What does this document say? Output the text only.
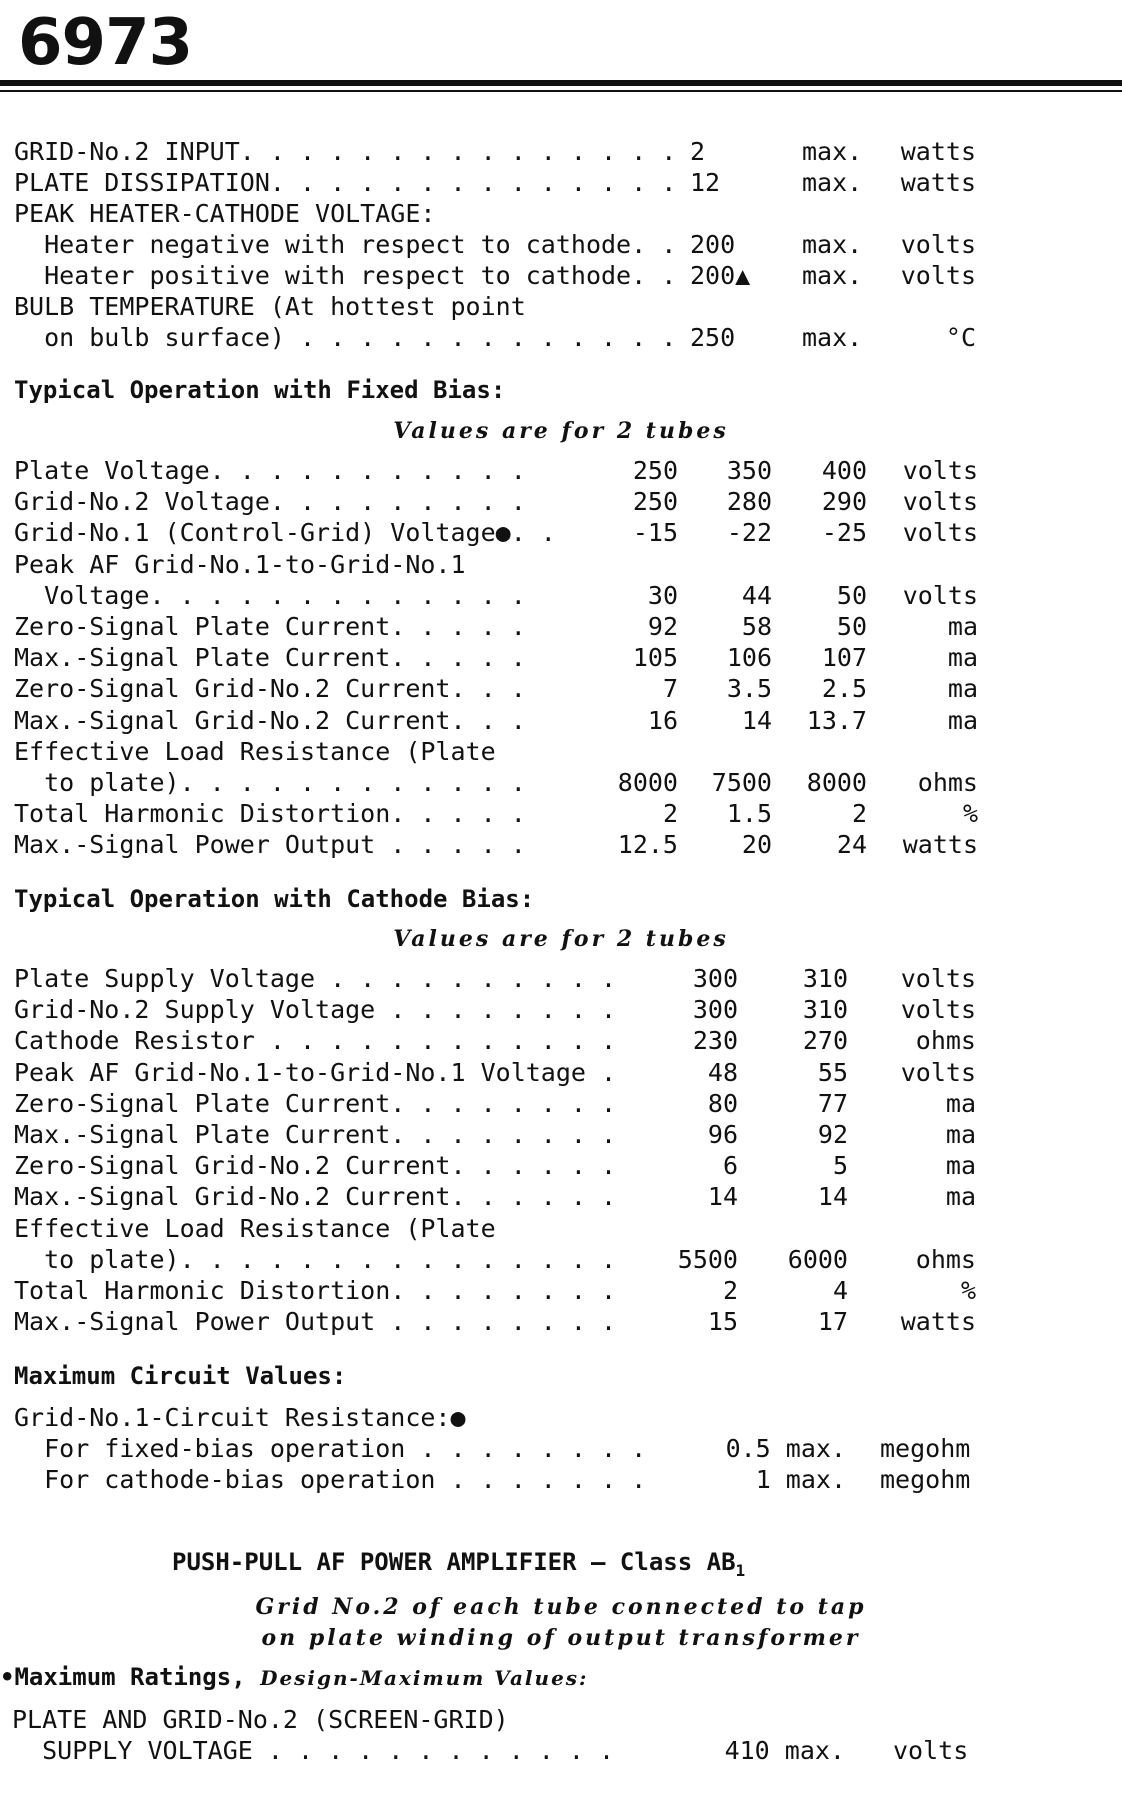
6973
GRID-No.2 INPUT. . . . . . . . . . . . . . . 2	max.	watts
PLATE DISSIPATION. . . . . . . . . . . . . . 12	max.	watts
PEAK HEATER-CATHODE VOLTAGE:
Heater negative with respect to cathode. . 200	max.	volts
Heater positive with respect to cathode. . 200▲	max.	volts
BULB TEMPERATURE (At hottest point
on bulb surface) . . . . . . . . . . . . . 250	max.	°C
Typical Operation with Fixed Bias:
Values are for 2 tubes
Plate Voltage. . . . . . . . . . .	250	350	400	volts
Grid-No.2 Voltage. . . . . . . . .	250	280	290	volts
Grid-No.1 (Control-Grid) Voltage●. .	-15	-22	-25	volts
Peak AF Grid-No.1-to-Grid-No.1
Voltage. . . . . . . . . . . . .	30	44	50	volts
Zero-Signal Plate Current. . . . .	92	58	50	ma
Max.-Signal Plate Current. . . . .	105	106	107	ma
Zero-Signal Grid-No.2 Current. . .	7	3.5	2.5	ma
Max.-Signal Grid-No.2 Current. . .	16	14	13.7	ma
Effective Load Resistance (Plate
to plate). . . . . . . . . . . .	8000	7500	8000	ohms
Total Harmonic Distortion. . . . .	2	1.5	2	%
Max.-Signal Power Output . . . . .	12.5	20	24	watts
Typical Operation with Cathode Bias:
Values are for 2 tubes
Plate Supply Voltage . . . . . . . . . .	300	310	volts
Grid-No.2 Supply Voltage . . . . . . . .	300	310	volts
Cathode Resistor . . . . . . . . . . . .	230	270	ohms
Peak AF Grid-No.1-to-Grid-No.1 Voltage .	48	55	volts
Zero-Signal Plate Current. . . . . . . .	80	77	ma
Max.-Signal Plate Current. . . . . . . .	96	92	ma
Zero-Signal Grid-No.2 Current. . . . . .	6	5	ma
Max.-Signal Grid-No.2 Current. . . . . .	14	14	ma
Effective Load Resistance (Plate
to plate). . . . . . . . . . . . . . .	5500	6000	ohms
Total Harmonic Distortion. . . . . . . .	2	4	%
Max.-Signal Power Output . . . . . . . .	15	17	watts
Maximum Circuit Values:
Grid-No.1-Circuit Resistance:●
For fixed-bias operation . . . . . . . .	0.5 max. megohm
For cathode-bias operation . . . . . . .	1 max. megohm
PUSH-PULL AF POWER AMPLIFIER — Class $AB_1$
Grid No.2 of each tube connected to tap
on plate winding of output transformer
•Maximum Ratings, Design-Maximum Values:
PLATE AND GRID-No.2 (SCREEN-GRID)
SUPPLY VOLTAGE . . . . . . . . . . . .	410 max. volts
